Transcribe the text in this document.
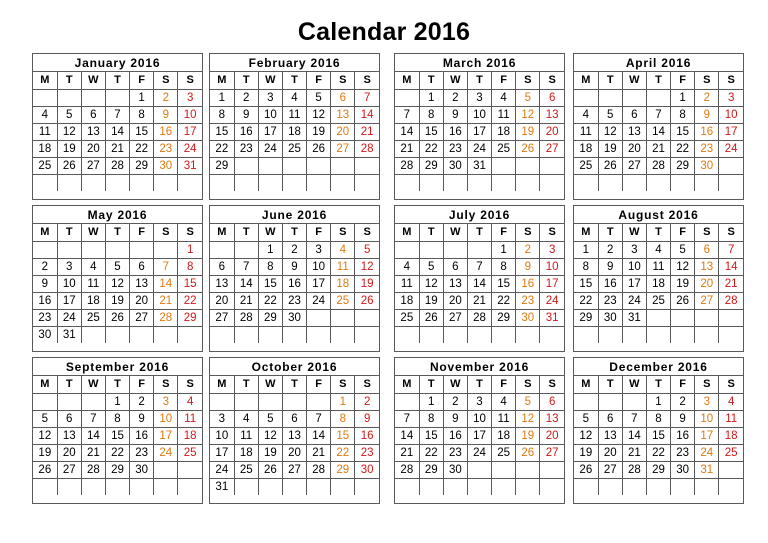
Calendar 2016
January 2016
M	T	W	T	F	S	S
				1	2	3
4	5	6	7	8	9	10
11	12	13	14	15	16	17
18	19	20	21	22	23	24
25	26	27	28	29	30	31

February 2016
M	T	W	T	F	S	S
1	2	3	4	5	6	7
8	9	10	11	12	13	14
15	16	17	18	19	20	21
22	23	24	25	26	27	28
29						

March 2016
M	T	W	T	F	S	S
	1	2	3	4	5	6
7	8	9	10	11	12	13
14	15	16	17	18	19	20
21	22	23	24	25	26	27
28	29	30	31			

April 2016
M	T	W	T	F	S	S
				1	2	3
4	5	6	7	8	9	10
11	12	13	14	15	16	17
18	19	20	21	22	23	24
25	26	27	28	29	30	

May 2016
M	T	W	T	F	S	S
						1
2	3	4	5	6	7	8
9	10	11	12	13	14	15
16	17	18	19	20	21	22
23	24	25	26	27	28	29
30	31					
June 2016
M	T	W	T	F	S	S
		1	2	3	4	5
6	7	8	9	10	11	12
13	14	15	16	17	18	19
20	21	22	23	24	25	26
27	28	29	30			

July 2016
M	T	W	T	F	S	S
				1	2	3
4	5	6	7	8	9	10
11	12	13	14	15	16	17
18	19	20	21	22	23	24
25	26	27	28	29	30	31

August 2016
M	T	W	T	F	S	S
1	2	3	4	5	6	7
8	9	10	11	12	13	14
15	16	17	18	19	20	21
22	23	24	25	26	27	28
29	30	31				

September 2016
M	T	W	T	F	S	S
			1	2	3	4
5	6	7	8	9	10	11
12	13	14	15	16	17	18
19	20	21	22	23	24	25
26	27	28	29	30		

October 2016
M	T	W	T	F	S	S
					1	2
3	4	5	6	7	8	9
10	11	12	13	14	15	16
17	18	19	20	21	22	23
24	25	26	27	28	29	30
31						
November 2016
M	T	W	T	F	S	S
	1	2	3	4	5	6
7	8	9	10	11	12	13
14	15	16	17	18	19	20
21	22	23	24	25	26	27
28	29	30				

December 2016
M	T	W	T	F	S	S
			1	2	3	4
5	6	7	8	9	10	11
12	13	14	15	16	17	18
19	20	21	22	23	24	25
26	27	28	29	30	31	
